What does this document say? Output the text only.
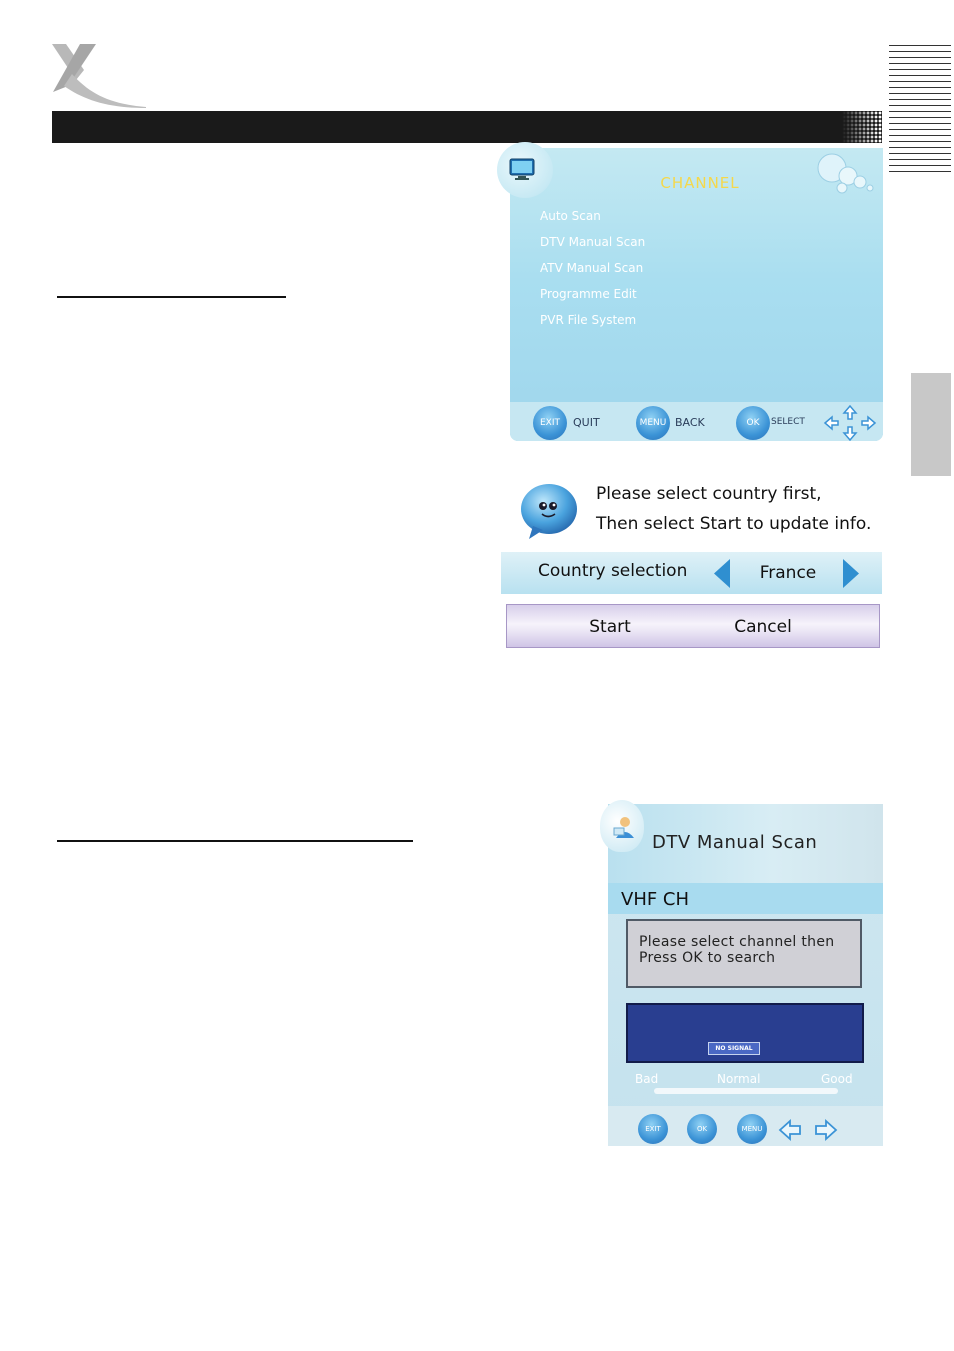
CHANNEL
Auto Scan
DTV Manual Scan
ATV Manual Scan
Programme Edit
PVR File System
EXIT	QUIT	MENU BACK	OK	SELECT
Please select country first,
Then select Start to update info.
Country selection	France
Start	Cancel
DTV Manual Scan
VHF CH
Please select channel then Press OK to search
NO SIGNAL
Bad	Normal	Good
EXIT	OK	MENU
